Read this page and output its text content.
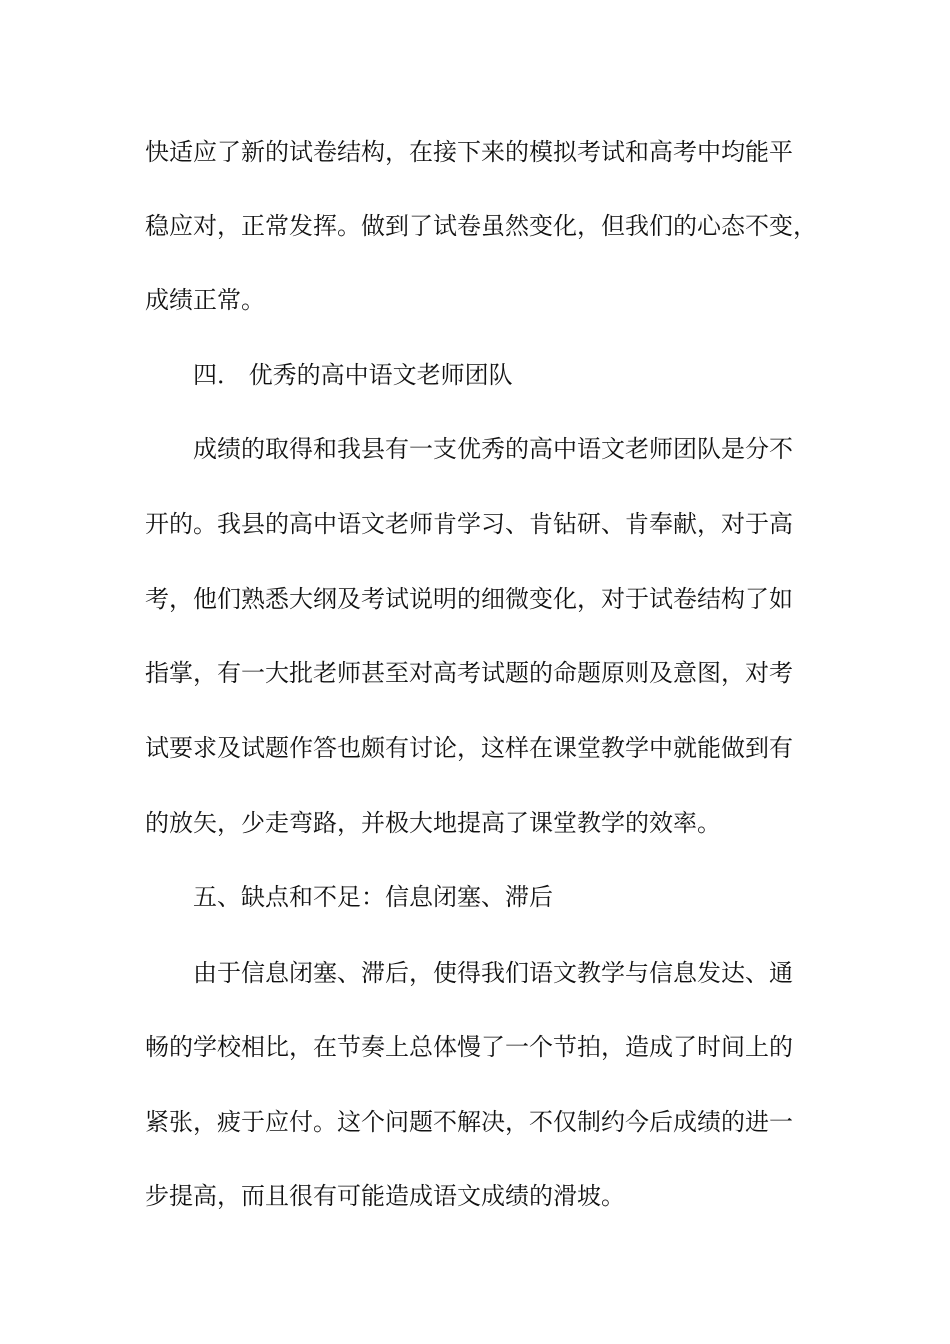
快适应了新的试卷结构，在接下来的模拟考试和高考中均能平
稳应对，正常发挥。做到了试卷虽然变化，但我们的心态不变，
成绩正常。
四． 优秀的高中语文老师团队
成绩的取得和我县有一支优秀的高中语文老师团队是分不
开的。我县的高中语文老师肯学习、肯钻研、肯奉献，对于高
考，他们熟悉大纲及考试说明的细微变化，对于试卷结构了如
指掌，有一大批老师甚至对高考试题的命题原则及意图，对考
试要求及试题作答也颇有讨论，这样在课堂教学中就能做到有
的放矢，少走弯路，并极大地提高了课堂教学的效率。
五、缺点和不足：信息闭塞、滞后
由于信息闭塞、滞后，使得我们语文教学与信息发达、通
畅的学校相比，在节奏上总体慢了一个节拍，造成了时间上的
紧张，疲于应付。这个问题不解决，不仅制约今后成绩的进一
步提高，而且很有可能造成语文成绩的滑坡。
